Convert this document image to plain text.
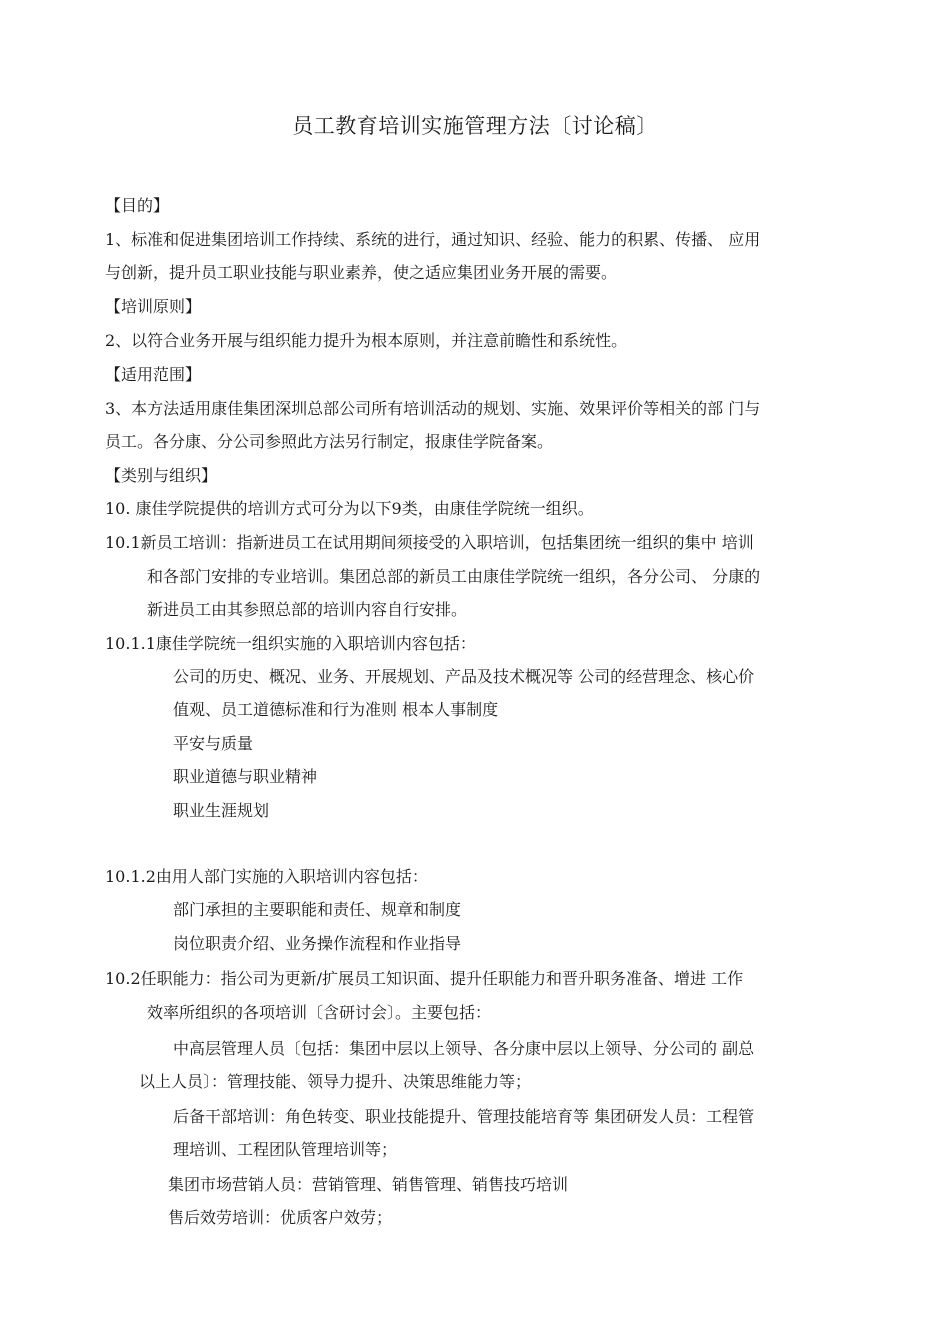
员工教育培训实施管理方法〔讨论稿〕
【目的】
1、标准和促进集团培训工作持续、系统的进行，通过知识、经验、能力的积累、传播、 应用
与创新，提升员工职业技能与职业素养，使之适应集团业务开展的需要。
【培训原则】
2、以符合业务开展与组织能力提升为根本原则，并注意前瞻性和系统性。
【适用范围】
3、本方法适用康佳集团深圳总部公司所有培训活动的规划、实施、效果评价等相关的部 门与
员工。各分康、分公司参照此方法另行制定，报康佳学院备案。
【类别与组织】
10. 康佳学院提供的培训方式可分为以下9类，由康佳学院统一组织。
10.1新员工培训：指新进员工在试用期间须接受的入职培训，包括集团统一组织的集中 培训
和各部门安排的专业培训。集团总部的新员工由康佳学院统一组织，各分公司、 分康的
新进员工由其参照总部的培训内容自行安排。
10.1.1康佳学院统一组织实施的入职培训内容包括：
公司的历史、概况、业务、开展规划、产品及技术概况等 公司的经营理念、核心价
值观、员工道德标准和行为准则 根本人事制度
平安与质量
职业道德与职业精神
职业生涯规划
10.1.2由用人部门实施的入职培训内容包括：
部门承担的主要职能和责任、规章和制度
岗位职责介绍、业务操作流程和作业指导
10.2任职能力：指公司为更新/扩展员工知识面、提升任职能力和晋升职务准备、增进 工作
效率所组织的各项培训〔含研讨会〕。主要包括：
中高层管理人员〔包括：集团中层以上领导、各分康中层以上领导、分公司的 副总
以上人员〕：管理技能、领导力提升、决策思维能力等；
后备干部培训：角色转变、职业技能提升、管理技能培育等 集团研发人员：工程管
理培训、工程团队管理培训等；
集团市场营销人员：营销管理、销售管理、销售技巧培训
售后效劳培训：优质客户效劳；
